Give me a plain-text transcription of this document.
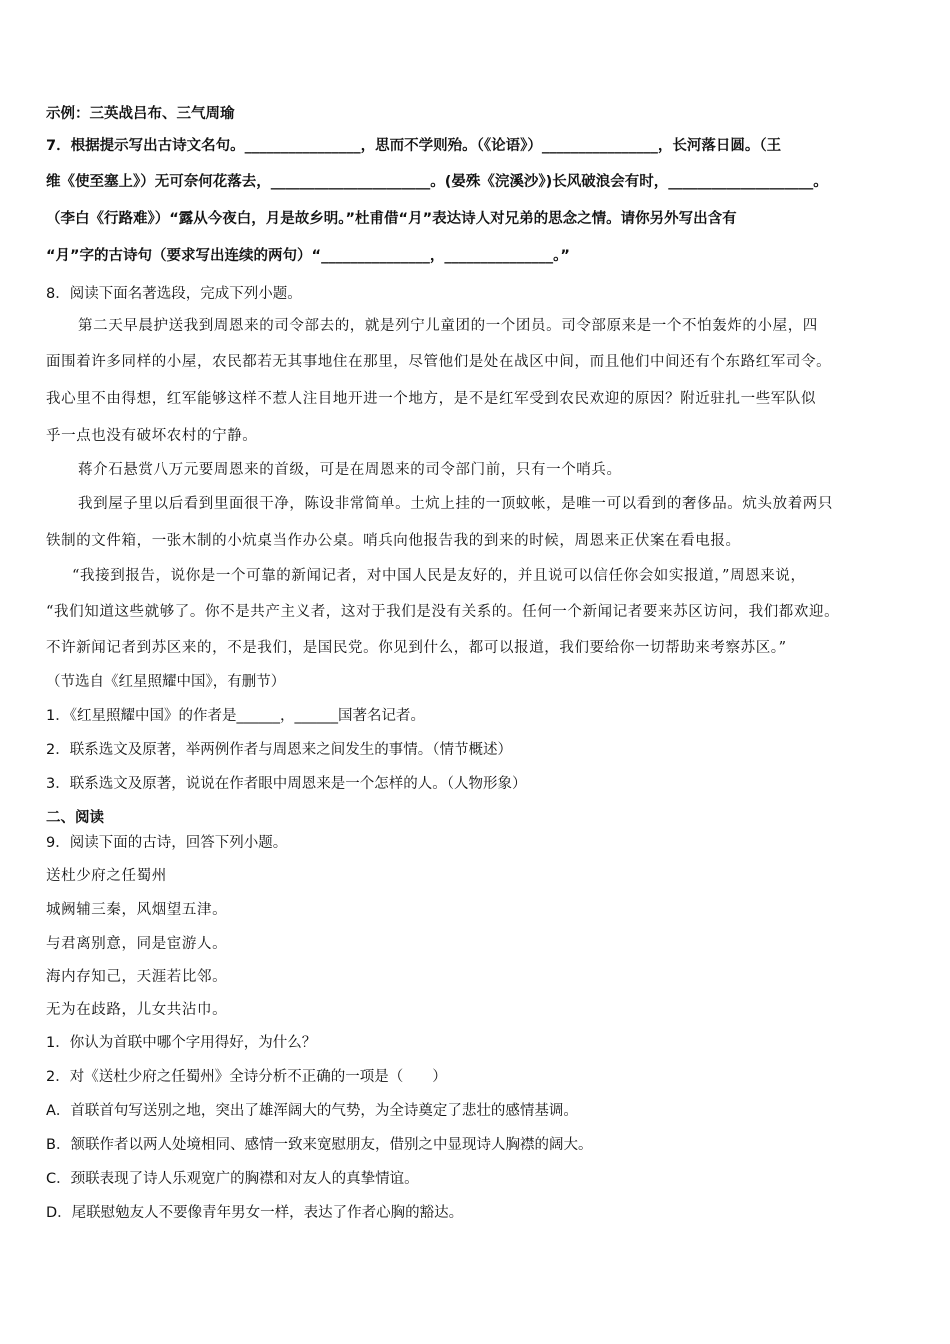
示例：三英战吕布、三气周瑜
7．根据提示写出古诗文名句。________________，思而不学则殆。（《论语》）________________，长河落日圆。（王
维《使至塞上》）无可奈何花落去，______________________。(晏殊《浣溪沙》)长风破浪会有时，____________________。
（李白《行路难》）“露从今夜白，月是故乡明。”杜甫借“月”表达诗人对兄弟的思念之情。请你另外写出含有
“月”字的古诗句（要求写出连续的两句）“_______________，_______________。”
8．阅读下面名著选段，完成下列小题。
第二天早晨护送我到周恩来的司令部去的，就是列宁儿童团的一个团员。司令部原来是一个不怕轰炸的小屋，四
面围着许多同样的小屋，农民都若无其事地住在那里，尽管他们是处在战区中间，而且他们中间还有个东路红军司令。
我心里不由得想，红军能够这样不惹人注目地开进一个地方，是不是红军受到农民欢迎的原因？附近驻扎一些军队似
乎一点也没有破坏农村的宁静。
蒋介石悬赏八万元要周恩来的首级，可是在周恩来的司令部门前，只有一个哨兵。
我到屋子里以后看到里面很干净，陈设非常简单。土炕上挂的一顶蚊帐，是唯一可以看到的奢侈品。炕头放着两只
铁制的文件箱，一张木制的小炕桌当作办公桌。哨兵向他报告我的到来的时候，周恩来正伏案在看电报。
“我接到报告，说你是一个可靠的新闻记者，对中国人民是友好的，并且说可以信任你会如实报道，”周恩来说，
“我们知道这些就够了。你不是共产主义者，这对于我们是没有关系的。任何一个新闻记者要来苏区访问，我们都欢迎。
不许新闻记者到苏区来的，不是我们，是国民党。你见到什么，都可以报道，我们要给你一切帮助来考察苏区。”
（节选自《红星照耀中国》，有删节）
1．《红星照耀中国》的作者是______，______国著名记者。
2．联系选文及原著，举两例作者与周恩来之间发生的事情。（情节概述）
3．联系选文及原著，说说在作者眼中周恩来是一个怎样的人。（人物形象）
二、阅读
9．阅读下面的古诗，回答下列小题。
送杜少府之任蜀州
城阙辅三秦，风烟望五津。
与君离别意，同是宦游人。
海内存知己，天涯若比邻。
无为在歧路，儿女共沾巾。
1．你认为首联中哪个字用得好，为什么？
2．对《送杜少府之任蜀州》全诗分析不正确的一项是（　　）
A．首联首句写送别之地，突出了雄浑阔大的气势，为全诗奠定了悲壮的感情基调。
B．颔联作者以两人处境相同、感情一致来宽慰朋友，借别之中显现诗人胸襟的阔大。
C．颈联表现了诗人乐观宽广的胸襟和对友人的真挚情谊。
D．尾联慰勉友人不要像青年男女一样，表达了作者心胸的豁达。
